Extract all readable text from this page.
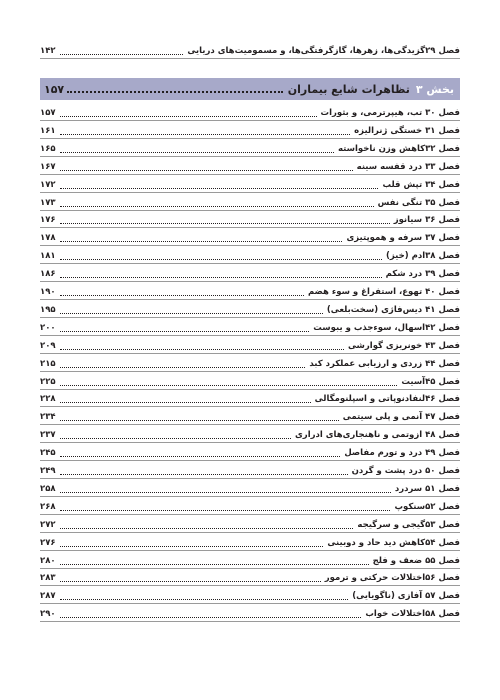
فصل ۲۹گزیدگی‌ها، زهرها، گازگرفتگی‌ها، و مسمومیت‌های دریایی
۱۴۲
بخش ۳
تظاهرات شایع بیماران
۱۵۷
فصل ۳۰ تب، هیپرترمی، و بثورات
۱۵۷
فصل ۳۱ خستگی ژنرالیزه
۱۶۱
فصل ۳۲کاهش وزن ناخواسته
۱۶۵
فصل ۳۳ درد قفسه سینه
۱۶۷
فصل ۳۴ تپش قلب
۱۷۲
فصل ۳۵ تنگی نفس
۱۷۳
فصل ۳۶ سیانوز
۱۷۶
فصل ۳۷ سرفه و هموپتیزی
۱۷۸
فصل ۳۸ادم (خیز)
۱۸۱
فصل ۳۹ درد شکم
۱۸۶
فصل ۴۰ تهوع، استفراغ و سوء هضم
۱۹۰
فصل ۴۱ دیس‌فاژی (سخت‌بلعی)
۱۹۵
فصل ۴۲اسهال، سوءجذب و یبوست
۲۰۰
فصل ۴۳ خونریزی گوارشی
۲۰۹
فصل ۴۴ زردی و ارزیابی عملکرد کبد
۲۱۵
فصل ۴۵آسیت
۲۲۵
فصل ۴۶لنفادنوپاتی و اسپلنومگالی
۲۲۸
فصل ۴۷ آنمی و پلی سیتمی
۲۳۴
فصل ۴۸ ازوتمی و ناهنجاری‌های ادراری
۲۳۷
فصل ۴۹ درد و تورم مفاصل
۲۴۵
فصل ۵۰ درد پشت و گردن
۲۴۹
فصل ۵۱ سردرد
۲۵۸
فصل ۵۲سنکوپ
۲۶۸
فصل ۵۳گیجی و سرگیجه
۲۷۲
فصل ۵۴کاهش دید حاد و دوبینی
۲۷۶
فصل ۵۵ ضعف و فلج
۲۸۰
فصل ۵۶اختلالات حرکتی و ترمور
۲۸۳
فصل ۵۷ آفازی (ناگویایی)
۲۸۷
فصل ۵۸اختلالات خواب
۲۹۰
